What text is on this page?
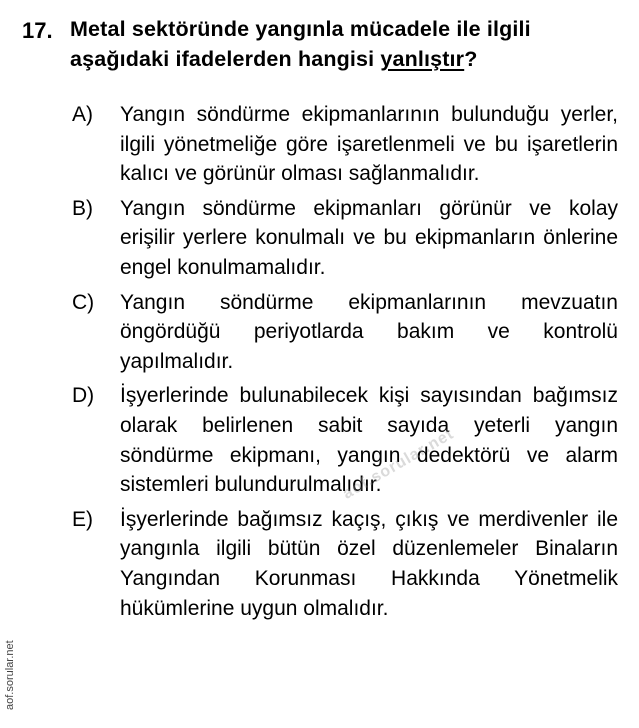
17. Metal sektöründe yangınla mücadele ile ilgili aşağıdaki ifadelerden hangisi yanlıştır?
A)	Yangın söndürme ekipmanlarının bulunduğu yerler, ilgili yönetmeliğe göre işaretlenmeli ve bu işaretlerin kalıcı ve görünür olması sağlanmalıdır.
B)	Yangın söndürme ekipmanları görünür ve kolay erişilir yerlere konulmalı ve bu ekipmanların önlerine engel konulmamalıdır.
C)	Yangın söndürme ekipmanlarının mevzuatın öngördüğü periyotlarda bakım ve kontrolü yapılmalıdır.
D)	İşyerlerinde bulunabilecek kişi sayısından bağımsız olarak belirlenen sabit sayıda yeterli yangın söndürme ekipmanı, yangın dedektörü ve alarm sistemleri bulundurulmalıdır.
E)	İşyerlerinde bağımsız kaçış, çıkış ve merdivenler ile yangınla ilgili bütün özel düzenlemeler Binaların Yangından Korunması Hakkında Yönetmelik hükümlerine uygun olmalıdır.
aof.sorular.net
aof.sorular.net
